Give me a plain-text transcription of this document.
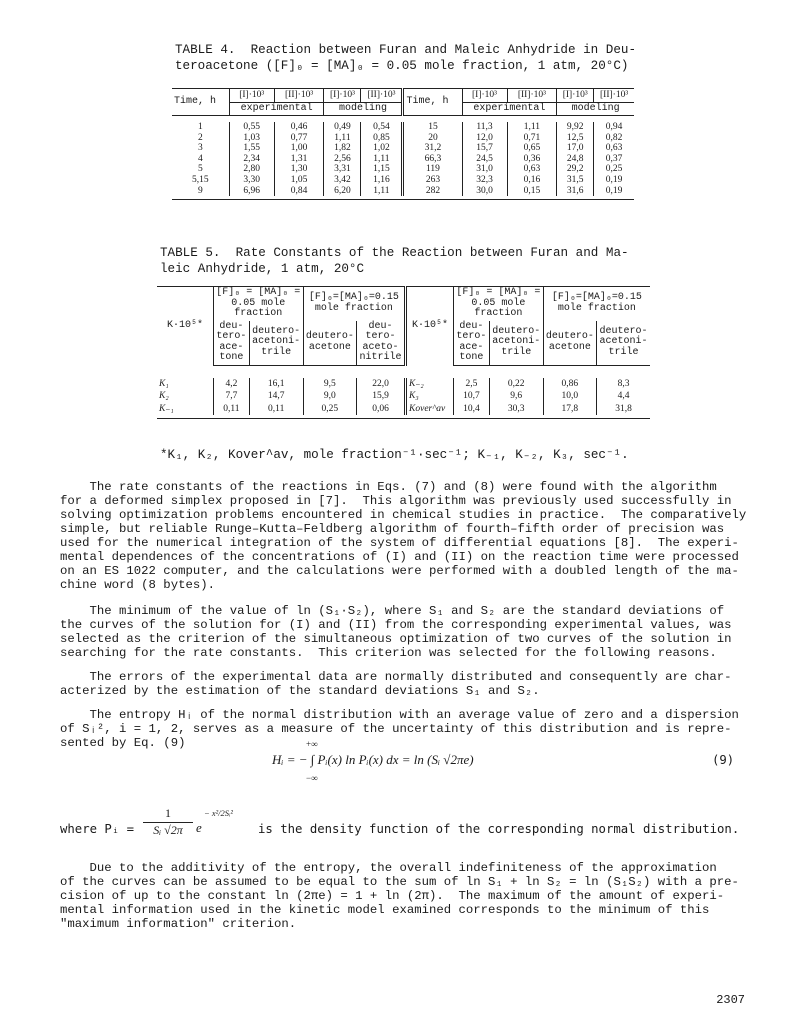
TABLE 4.  Reaction between Furan and Maleic Anhydride in Deu-
teroacetone ([F]₀ = [MA]₀ = 0.05 mole fraction, 1 atm, 20°C)
Time, h	[I]·10³	[II]·10³	[I]·10³	[II]·10³	Time, h	[I]·10³	[II]·10³	[I]·10³	[II]·10³
	experimental		modeling			experimental		modeling	

1	0,55	0,46	0,49	0,54	15	11,3	1,11	9,92	0,94
2	1,03	0,77	1,11	0,85	20	12,0	0,71	12,5	0,82
3	1,55	1,00	1,82	1,02	31,2	15,7	0,65	17,0	0,63
4	2,34	1,31	2,56	1,11	66,3	24,5	0,36	24,8	0,37
5	2,80	1,30	3,31	1,15	119	31,0	0,63	29,2	0,25
5,15	3,30	1,05	3,42	1,16	263	32,3	0,16	31,5	0,19
9	6,96	0,84	6,20	1,11	282	30,0	0,15	31,6	0,19

TABLE 5.  Rate Constants of the Reaction between Furan and Ma-
leic Anhydride, 1 atm, 20°C
K·10⁵*	[F]₀ = [MA]₀ = 0.05 mole fraction		[F]₀=[MA]₀=0.15 mole fraction		K·10⁵*	[F]₀ = [MA]₀ = 0.05 mole fraction		[F]₀=[MA]₀=0.15 mole fraction	
	deu-tero-ace-tone	deutero-acetoni-trile	deutero-acetone	deu-tero-aceto-nitrile		deu-tero-ace-tone	deutero-acetoni-trile	deutero-acetone	deutero-acetoni-trile

K₁	4,2	16,1	9,5	22,0	K₋₂	2,5	0,22	0,86	8,3
K₂	7,7	14,7	9,0	15,9	K₃	10,7	9,6	10,0	4,4
K₋₁	0,11	0,11	0,25	0,06	Kover^av	10,4	30,3	17,8	31,8

*K₁, K₂, Kover^av, mole fraction⁻¹·sec⁻¹; K₋₁, K₋₂, K₃, sec⁻¹.
The rate constants of the reactions in Eqs. (7) and (8) were found with the algorithm
for a deformed simplex proposed in [7].  This algorithm was previously used successfully in
solving optimization problems encountered in chemical studies in practice.  The comparatively
simple, but reliable Runge–Kutta–Feldberg algorithm of fourth–fifth order of precision was
used for the numerical integration of the system of differential equations [8].  The experi-
mental dependences of the concentrations of (I) and (II) on the reaction time were processed
on an ES 1022 computer, and the calculations were performed with a doubled length of the ma-
chine word (8 bytes).
The minimum of the value of ln (S₁·S₂), where S₁ and S₂ are the standard deviations of
the curves of the solution for (I) and (II) from the corresponding experimental values, was
selected as the criterion of the simultaneous optimization of two curves of the solution in
searching for the rate constants.  This criterion was selected for the following reasons.
The errors of the experimental data are normally distributed and consequently are char-
acterized by the estimation of the standard deviations S₁ and S₂.
The entropy Hᵢ of the normal distribution with an average value of zero and a dispersion
of Sᵢ², i = 1, 2, serves as a measure of the uncertainty of this distribution and is repre-
sented by Eq. (9)	+∞
Hᵢ = − ∫ Pᵢ(x) ln Pᵢ(x) dx = ln (Sᵢ √2πe)
−∞
(9)
where Pᵢ = $\frac{1}{\text{Sᵢ √2π}}$ e
− x²/2Sᵢ²
is the density function of the corresponding normal distribution.
Due to the additivity of the entropy, the overall indefiniteness of the approximation
of the curves can be assumed to be equal to the sum of ln S₁ + ln S₂ = ln (S₁S₂) with a pre-
cision of up to the constant ln (2πe) = 1 + ln (2π).  The maximum of the amount of experi-
mental information used in the kinetic model examined corresponds to the minimum of this
"maximum information" criterion.
2307
